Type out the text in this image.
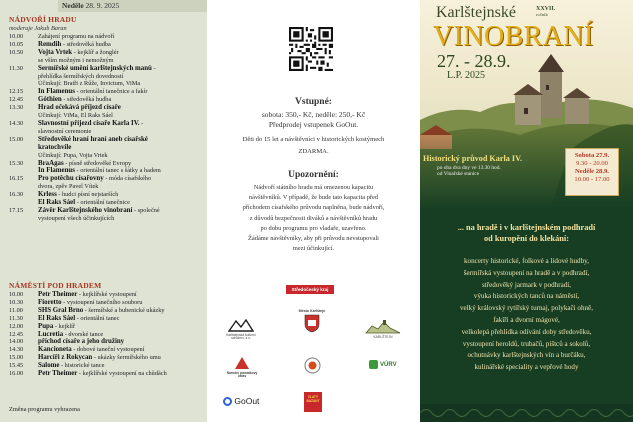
Neděle 28. 9. 2025
NÁDVOŘÍ HRADU
moderuje Jakub Baran
10.00	Zahájení programu na nádvoří
10.05	Řemdih - středověká hudba
10.50	Vojta Vrtek - kejklíř a žonglér
se vším možným i nemožným
11.30	Šermířské umění karlštejnských manů -
přehlídka šermířských dovedností
Účinkují: Bratři z Růže, Invictum, ViMa
12.15	In Flamenus - orientální tanečnice a fakír
12.45	Góthien - středověká hudba
13.30	Hrad očekává příjezd císaře
Účinkují: ViMa, El Raks Sáel
14.30	Slavnostní příjezd císaře Karla IV. -
slavnostní ceremonie
15.00	Středověké hraní hraní aneb císařské
kratochvíle
Účinkují: Pupa, Vojta Vrtek
15.30	BraAgas - písně středověké Evropy
In Flamenus - orientální tanec s šátky a hadem
16.15	Pro potěchu císařovny - móda císařského
dvora, zpěv Pavel Vítek
16.30	Krless - hudci písní nejstarších
El Raks Sáel - orientální tanečnice
17.15	Závěr Karlštejnského vinobraní - společné
vystoupení všech účinkujících
NÁMĚSTÍ POD HRADEM
10.00	Petr Theimer - kejklířské vystoupení
10.30	Fioretto - vystoupení tanečního souboru
11.00	SHŠ Gral Brno - šermířské a bubenické ukázky
11.30	El Raks Sáel - orientální tanec
12.00	Pupa - kejklíř
12.45	Lucretia - dvorské tance
14.00	příchod císaře a jeho družiny
14.30	Kancioneta - dobové taneční vystoupení
15.00	Harcíři z Rokycan - ukázky šermířského umu
15.45	Salome - historické tance
16.00	Petr Theimer - kejklířské vystoupení na chůdách
Změna programu vyhrazena
Vstupné:
sobota: 350,- Kč, neděle: 250,- Kč
Předprodej vstupenek GoOut.
Děti do 15 let a návštěvníci v historických kostýmech
ZDARMA.
Upozornění:
Nádvoří státního hradu má omezenou kapacitu
návštěvníků. V případě, že bude tato kapacita před
příchodem císařského průvodu naplněna, bude nádvoří,
z důvodů bezpečnosti diváků a návštěvníků hradu
po dobu programu pro vladaře, uzavřeno.
Žádáme návštěvníky, aby při průvodu nevstupovali
mezi účinkující.
Středočeský kraj
Karlštejnská kulturní sdružení, z.s.
Město Karlštejn
KARLŠTEJN
Národní památkový ústav
VÚRV
GoOut	ZLATÝ BAŽANT
Karlštejnské	XXVII.
ročník
VINOBRANÍ
27. - 28.9.
L.P. 2025
Historický průvod Karla IV.
po oba dva dny ve 13.30 hod.
od Vinařské stanice
Sobota 27.9.
9.30 - 20.00
Neděle 28.9.
10.00 - 17.00
... na hradě i v karlštejnském podhradí
od kuropění do klekání:
koncerty historické, folkové a lidové hudby,
šermířská vystoupení na hradě a v podhradí,
středověký jarmark v podhradí,
výuka historických tanců na náměstí,
velký královský rytířský turnaj, polykači ohně,
fakíři a dvorní mágové,
velkolepá přehlídka odívání doby středověku,
vystoupení heroldů, trubačů, pištců a sokolů,
ochutnávky karlštejnských vín a burčáku,
kulinářské speciality a vepřové hody
